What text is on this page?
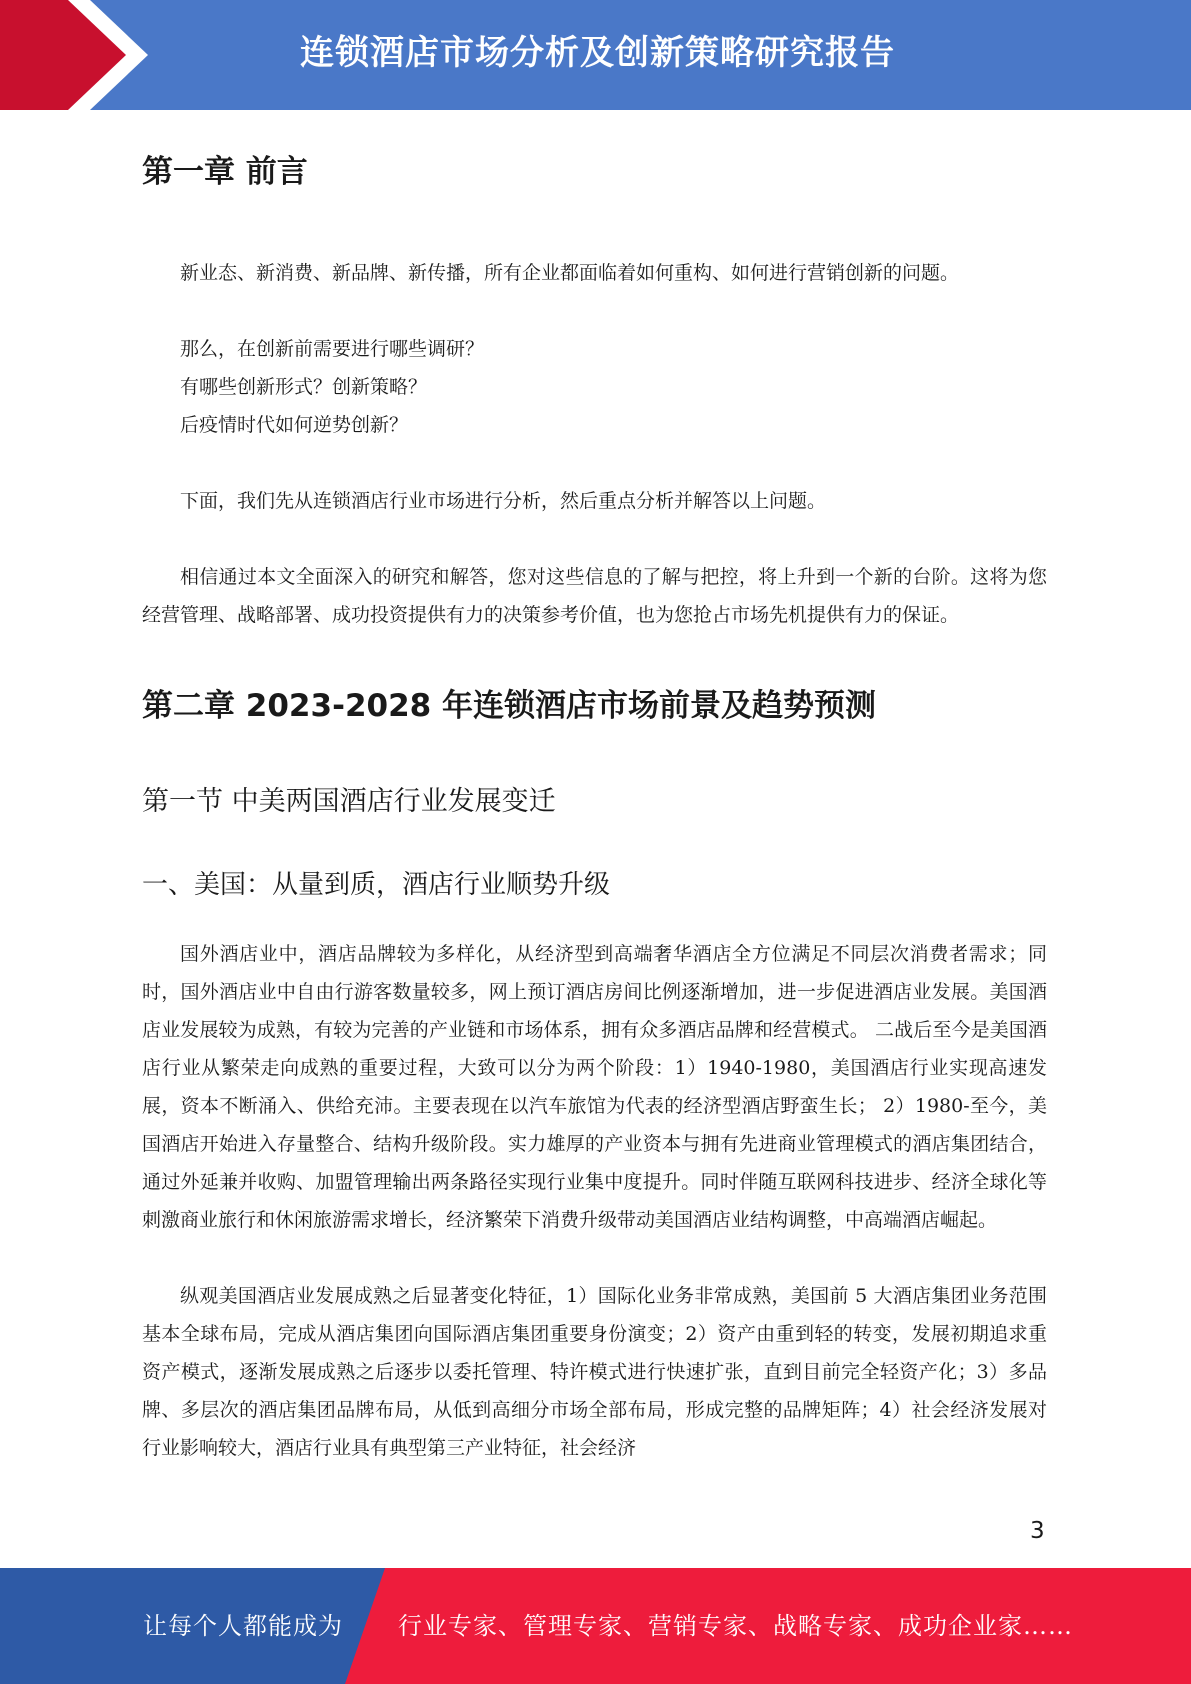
连锁酒店市场分析及创新策略研究报告
第一章 前言

新业态、新消费、新品牌、新传播，所有企业都面临着如何重构、如何进行营销创新的问题。

那么，在创新前需要进行哪些调研？
有哪些创新形式？创新策略？
后疫情时代如何逆势创新？

下面，我们先从连锁酒店行业市场进行分析，然后重点分析并解答以上问题。

相信通过本文全面深入的研究和解答，您对这些信息的了解与把控，将上升到一个新的台阶。这将为您经营管理、战略部署、成功投资提供有力的决策参考价值，也为您抢占市场先机提供有力的保证。

第二章 2023-2028 年连锁酒店市场前景及趋势预测
第一节 中美两国酒店行业发展变迁
一、美国：从量到质，酒店行业顺势升级

国外酒店业中，酒店品牌较为多样化，从经济型到高端奢华酒店全方位满足不同层次消费者需求；同时，国外酒店业中自由行游客数量较多，网上预订酒店房间比例逐渐增加，进一步促进酒店业发展。美国酒店业发展较为成熟，有较为完善的产业链和市场体系，拥有众多酒店品牌和经营模式。 二战后至今是美国酒店行业从繁荣走向成熟的重要过程，大致可以分为两个阶段：1）1940-1980，美国酒店行业实现高速发展，资本不断涌入、供给充沛。主要表现在以汽车旅馆为代表的经济型酒店野蛮生长； 2）1980-至今，美国酒店开始进入存量整合、结构升级阶段。实力雄厚的产业资本与拥有先进商业管理模式的酒店集团结合，通过外延兼并收购、加盟管理输出两条路径实现行业集中度提升。同时伴随互联网科技进步、经济全球化等刺激商业旅行和休闲旅游需求增长，经济繁荣下消费升级带动美国酒店业结构调整，中高端酒店崛起。

纵观美国酒店业发展成熟之后显著变化特征，1）国际化业务非常成熟，美国前 5 大酒店集团业务范围基本全球布局，完成从酒店集团向国际酒店集团重要身份演变；2）资产由重到轻的转变，发展初期追求重资产模式，逐渐发展成熟之后逐步以委托管理、特许模式进行快速扩张，直到目前完全轻资产化；3）多品牌、多层次的酒店集团品牌布局，从低到高细分市场全部布局，形成完整的品牌矩阵；4）社会经济发展对行业影响较大，酒店行业具有典型第三产业特征，社会经济

3
让每个人都能成为 行业专家、管理专家、营销专家、战略专家、成功企业家……
